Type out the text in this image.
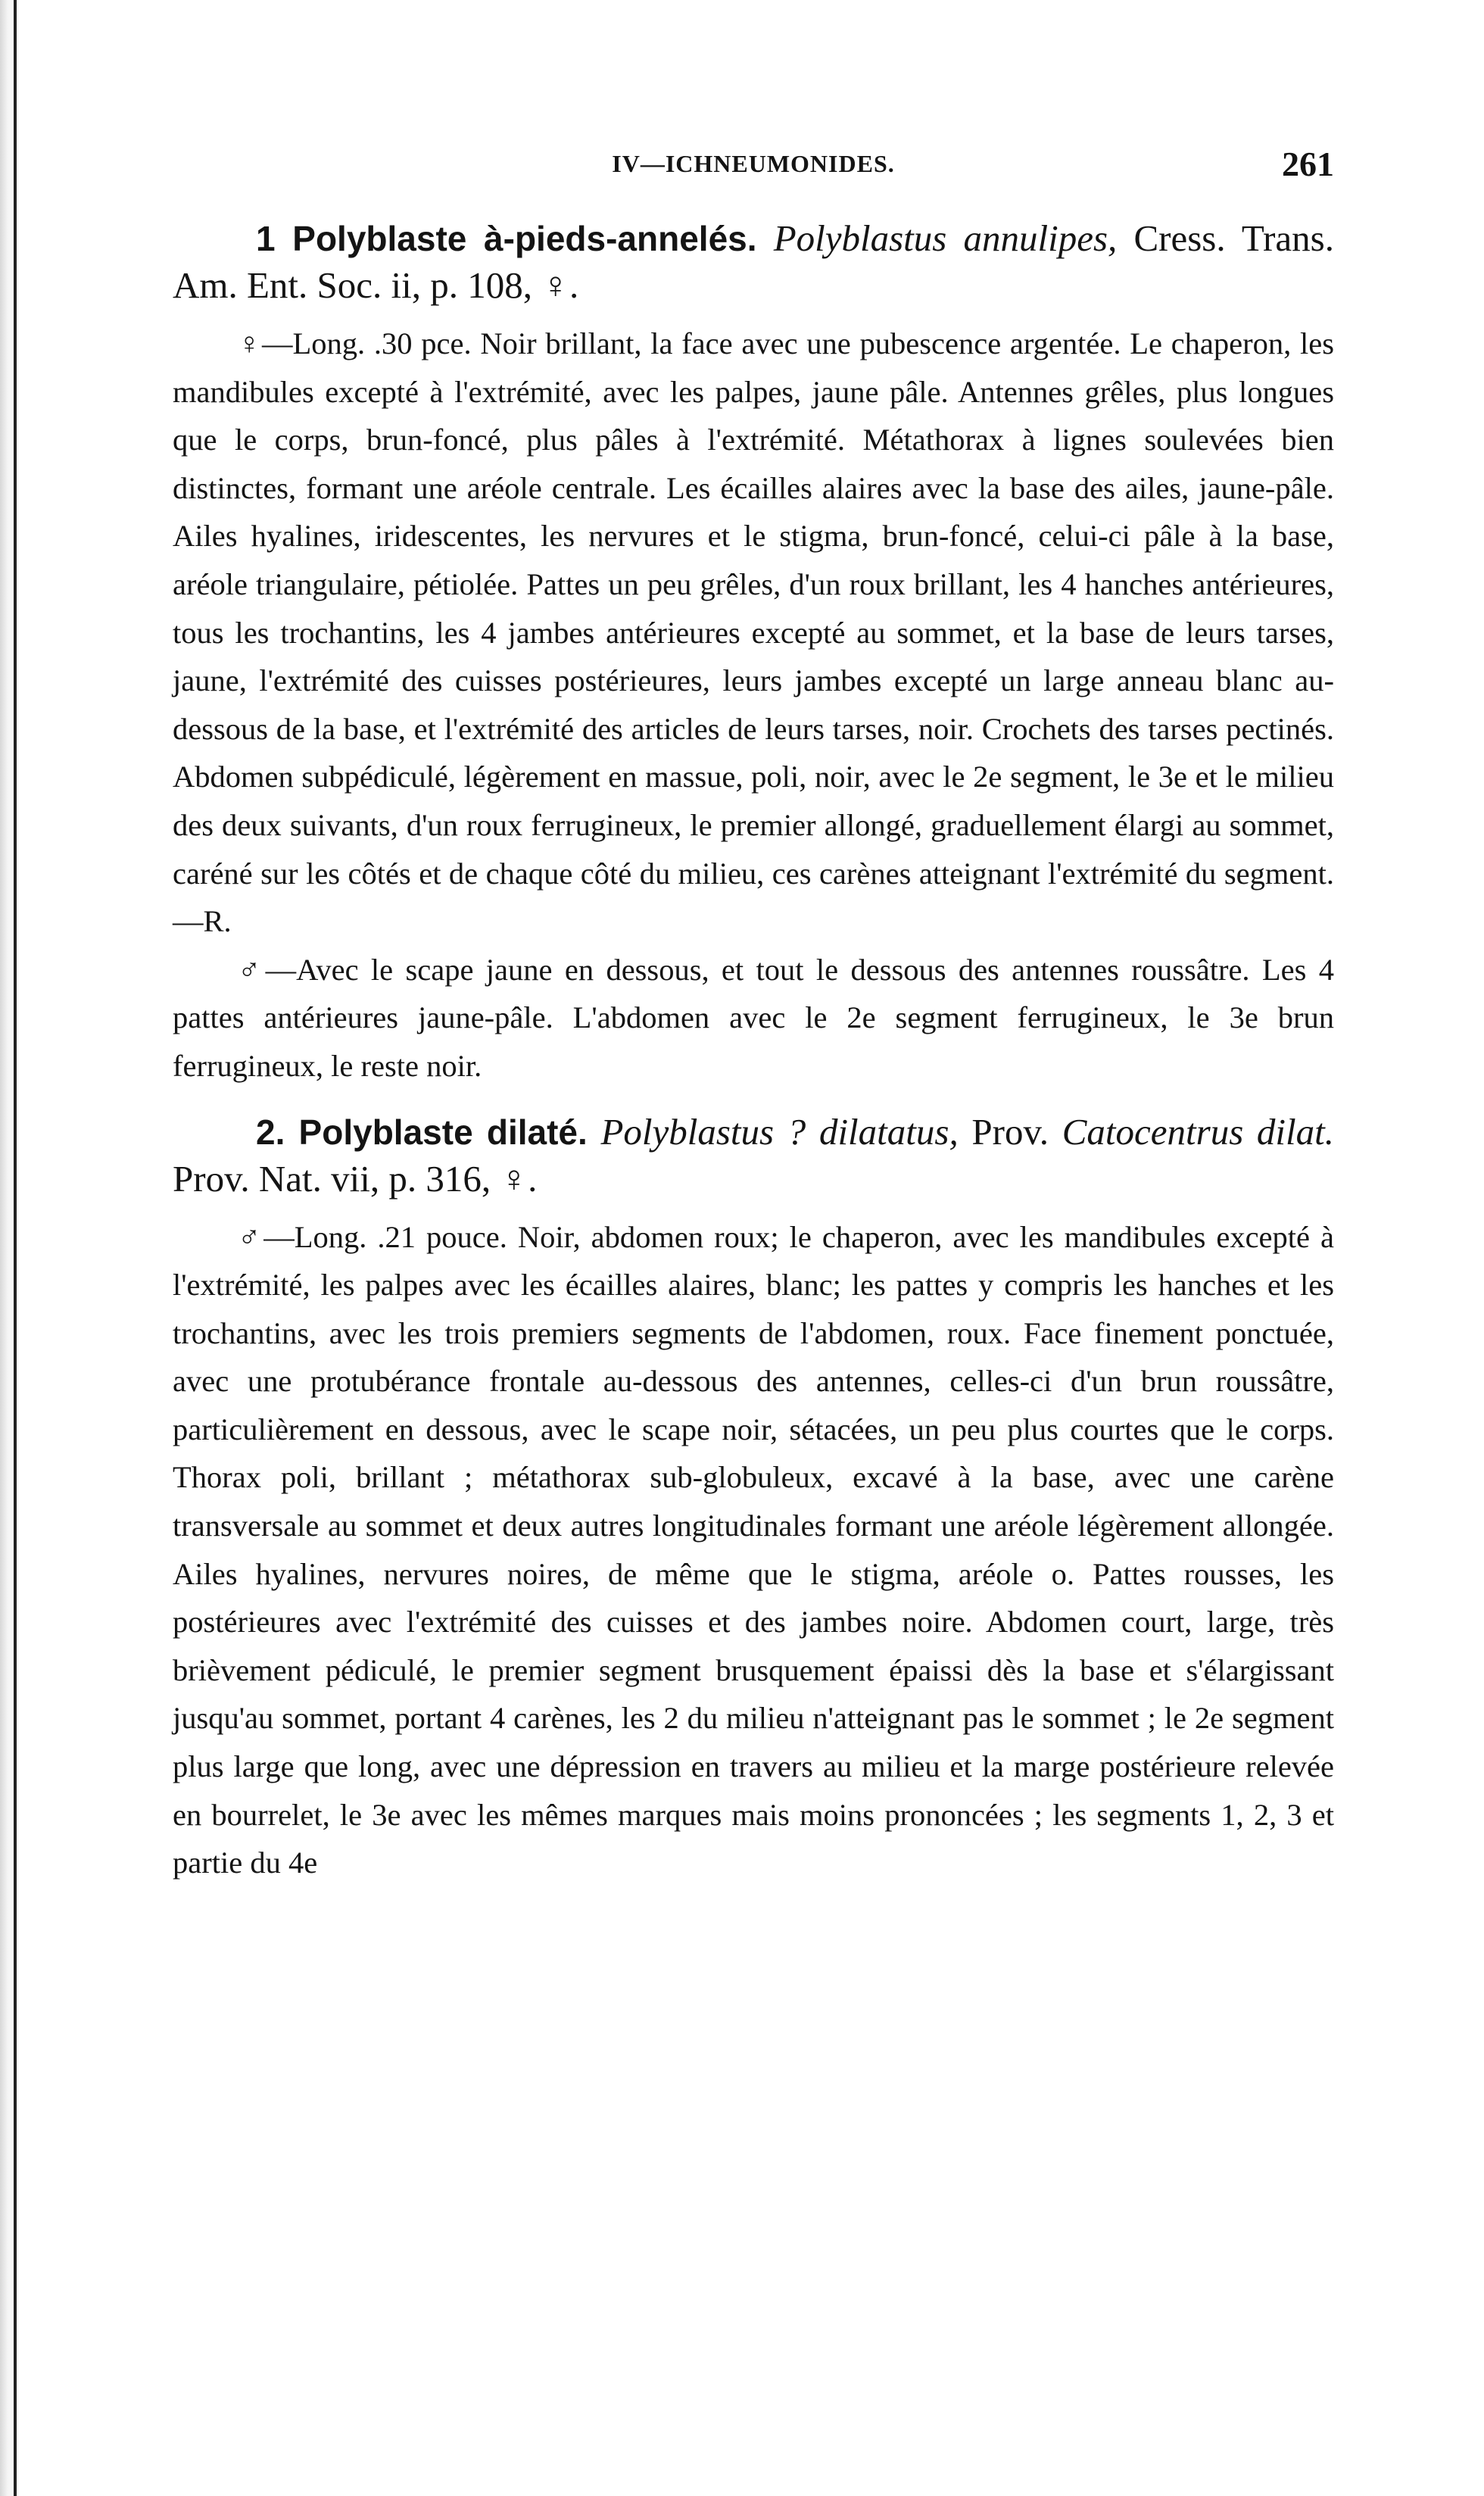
IV—ICHNEUMONIDES.	261
1 Polyblaste à-pieds-annelés. Polyblastus annulipes, Cress. Trans. Am. Ent. Soc. ii, p. 108, ♀.

♀—Long. .30 pce. Noir brillant, la face avec une pubescence argentée. Le chaperon, les mandibules excepté à l'extrémité, avec les palpes, jaune pâle. Antennes grêles, plus longues que le corps, brun-foncé, plus pâles à l'extrémité. Métathorax à lignes soulevées bien distinctes, formant une aréole centrale. Les écailles alaires avec la base des ailes, jaune-pâle. Ailes hyalines, iridescentes, les nervures et le stigma, brun-foncé, celui-ci pâle à la base, aréole triangulaire, pétiolée. Pattes un peu grêles, d'un roux brillant, les 4 hanches antérieures, tous les trochantins, les 4 jambes antérieures excepté au sommet, et la base de leurs tarses, jaune, l'extrémité des cuisses postérieures, leurs jambes excepté un large anneau blanc au-dessous de la base, et l'extrémité des articles de leurs tarses, noir. Crochets des tarses pectinés. Abdomen subpédiculé, légèrement en massue, poli, noir, avec le 2e segment, le 3e et le milieu des deux suivants, d'un roux ferrugineux, le premier allongé, graduellement élargi au sommet, caréné sur les côtés et de chaque côté du milieu, ces carènes atteignant l'extrémité du segment.—R.

♂—Avec le scape jaune en dessous, et tout le dessous des antennes roussâtre. Les 4 pattes antérieures jaune-pâle. L'abdomen avec le 2e segment ferrugineux, le 3e brun ferrugineux, le reste noir.

2. Polyblaste dilaté. Polyblastus ? dilatatus, Prov. Catocentrus dilat. Prov. Nat. vii, p. 316, ♀.

♂—Long. .21 pouce. Noir, abdomen roux; le chaperon, avec les mandibules excepté à l'extrémité, les palpes avec les écailles alaires, blanc; les pattes y compris les hanches et les trochantins, avec les trois premiers segments de l'abdomen, roux. Face finement ponctuée, avec une protubérance frontale au-dessous des antennes, celles-ci d'un brun roussâtre, particulièrement en dessous, avec le scape noir, sétacées, un peu plus courtes que le corps. Thorax poli, brillant ; métathorax sub-globuleux, excavé à la base, avec une carène transversale au sommet et deux autres longitudinales formant une aréole légèrement allongée. Ailes hyalines, nervures noires, de même que le stigma, aréole o. Pattes rousses, les postérieures avec l'extrémité des cuisses et des jambes noire. Abdomen court, large, très brièvement pédiculé, le premier segment brusquement épaissi dès la base et s'élargissant jusqu'au sommet, portant 4 carènes, les 2 du milieu n'atteignant pas le sommet ; le 2e segment plus large que long, avec une dépression en travers au milieu et la marge postérieure relevée en bourrelet, le 3e avec les mêmes marques mais moins prononcées ; les segments 1, 2, 3 et partie du 4e
